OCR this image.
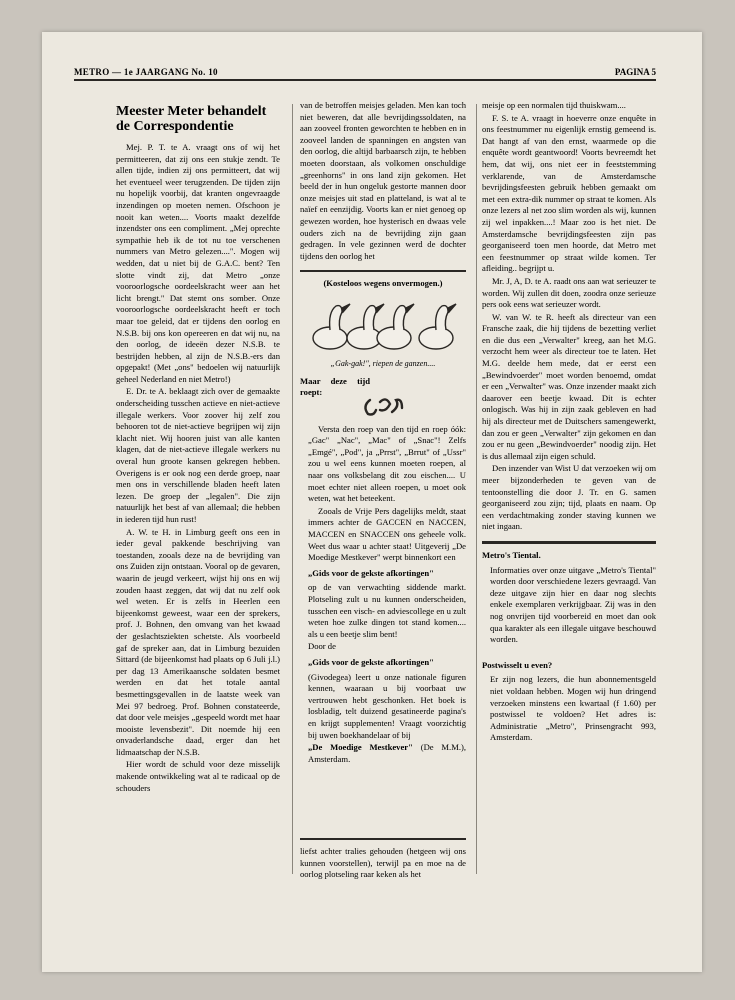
METRO — 1e JAARGANG No. 10	PAGINA 5
Meester Meter behandelt de Correspondentie

Mej. P. T. te A. vraagt ons of wij het permitteeren, dat zij ons een stukje zendt. Te allen tijde, indien zij ons permitteert, dat wij het eventueel weer terugzenden. De tijden zijn nu hopelijk voorbij, dat kranten ongevraagde inzendingen op moeten nemen. Ofschoon je nooit kan weten.... Voorts maakt dezelfde inzendster ons een compliment. „Mej oprechte sympathie heb ik de tot nu toe verschenen nummers van Metro gelezen....". Mogen wij wedden, dat u niet bij de G.A.C. bent? Ten slotte vindt zij, dat Metro „onze vooroorlogsche oordeelskracht weer aan het licht brengt." Dat stemt ons somber. Onze vooroorlogsche oordeelskracht heeft er toch maar toe geleid, dat er tijdens den oorlog en N.S.B. bij ons kon opereeren en dat wij nu, na den oorlog, de ideeën dezer N.S.B. te bestrijden hebben, al zijn de N.S.B.-ers dan opgepakt! (Met „ons" bedoelen wij natuurlijk geheel Nederland en niet Metro!)

E. Dr. te A. beklaagt zich over de gemaakte onderscheiding tusschen actieve en niet-actieve illegale werkers. Voor zoover hij zelf zou behooren tot de niet-actieve begrijpen wij zijn klacht niet. Wij hooren juist van alle kanten klagen, dat de niet-actieve illegale werkers nu overal hun groote kansen gekregen hebben. Overigens is er ook nog een derde groep, naar men ons in verschillende bladen heeft laten lezen. De groep der „legalen". Die zijn natuurlijk het best af van allemaal; die hebben in iederen tijd hun rust!

A. W. te H. in Limburg geeft ons een in ieder geval pakkende beschrijving van toestanden, zooals deze na de bevrijding van ons Zuiden zijn ontstaan. Vooral op de gevaren, waarin de jeugd verkeert, wijst hij ons en wij zouden haast zeggen, dat wij dat nu zelf ook wel weten. Er is zelfs in Heerlen een bijeenkomst geweest, waar een der sprekers, prof. J. Bohnen, den omvang van het kwaad der geslachtsziekten schetste. Als voorbeeld gaf de spreker aan, dat in Limburg bezuiden Sittard (de bijeenkomst had plaats op 6 Juli j.l.) per dag 13 Amerikaansche soldaten besmet werden en dat het totale aantal besmettingsgevallen in de laatste week van Mei 97 bedroeg. Prof. Bohnen constateerde, dat door vele meisjes „gespeeld wordt met haar mooiste levensbezit". Dit noemde hij een onvaderlandsche daad, erger dan het lidmaatschap der N.S.B.

Hier wordt de schuld voor deze misselijk makende ontwikkeling wat al te radicaal op de schouders

van de betroffen meisjes geladen. Men kan toch niet beweren, dat alle bevrijdingssoldaten, na aan zooveel fronten geworchten te hebben en in zooveel landen de spanningen en angsten van den oorlog, die altijd barbaarsch zijn, te hebben moeten doorstaan, als volkomen onschuldige „greenhorns" in ons land zijn gekomen. Het beeld der in hun ongeluk gestorte mannen door onze meisjes uit stad en platteland, is wat al te naïef en eenzijdig. Voorts kan er niet genoeg op gewezen worden, hoe hysterisch en dwaas vele ouders zich na de bevrijding zijn gaan gedragen. In vele gezinnen werd de dochter tijdens den oorlog het

(Kosteloos wegens onvermogen.)

„Gak-gak!", riepen de ganzen....

Maar deze tijd roept:

Versta den roep van den tijd en roep óók: „Gac" „Nac", „Mac" of „Snac"! Zelfs „Emgé", „Pod", ja „Prrst", „Brrut" of „Ussr" zou u wel eens kunnen moeten roepen, al naar ons volksbelang dit zou eischen.... U moet echter niet alleen roepen, u moet ook weten, wat het beteekent.

Zooals de Vrije Pers dagelijks meldt, staat immers achter de GACCEN en NACCEN, MACCEN en SNACCEN ons geheele volk. Weet dus waar u achter staat! Uitgeverij „De Moedige Mestkever" werpt binnenkort een

„Gids voor de gekste afkortingen"

op de van verwachting siddende markt. Plotseling zult u nu kunnen onderscheiden, tusschen een visch- en adviescollege en u zult weten hoe zulke dingen tot stand komen.... als u een beetje slim bent!

Door de

„Gids voor de gekste afkortingen"

(Givodegea) leert u onze nationale figuren kennen, waaraan u bij voorbaat uw vertrouwen hebt geschonken. Het boek is losbladig, telt duizend gesatineerde pagina's en krijgt supplementen! Vraagt voorzichtig bij uwen boekhandelaar of bij

„De Moedige Mestkever" (De M.M.), Amsterdam.

liefst achter tralies gehouden (hetgeen wij ons kunnen voorstellen), terwijl pa en moe na de oorlog plotseling raar keken als het

meisje op een normalen tijd thuiskwam....

F. S. te A. vraagt in hoeverre onze enquête in ons feestnummer nu eigenlijk ernstig gemeend is. Dat hangt af van den ernst, waarmede op die enquête wordt geantwoord! Voorts bevreemdt het hem, dat wij, ons niet eer in feeststemming verklarende, van de Amsterdamsche bevrijdingsfeesten gebruik hebben gemaakt om met een extra-dik nummer op straat te komen. Als onze lezers al net zoo slim worden als wij, kunnen zij wel inpakken....! Maar zoo is het niet. De Amsterdamsche bevrijdingsfeesten zijn pas georganiseerd toen men hoorde, dat Metro met een feestnummer op straat wilde komen. Ter afleiding.. begrijpt u.

Mr. J, A, D. te A. raadt ons aan wat serieuzer te worden. Wij zullen dit doen, zoodra onze serieuze pers ook eens wat serieuzer wordt.

W. van W. te R. heeft als directeur van een Fransche zaak, die hij tijdens de bezetting verliet en die dus een „Verwalter" kreeg, aan het M.G. verzocht hem weer als directeur toe te laten. Het M.G. deelde hem mede, dat er eerst een „Bewindvoerder" moet worden benoemd, omdat er een „Verwalter" was. Onze inzender maakt zich daarover een beetje kwaad. Dit is echter onlogisch. Was hij in zijn zaak gebleven en had hij als directeur met de Duitschers samengewerkt, dan zou er geen „Verwalter" zijn gekomen en dan zou er nu geen „Bewindvoerder" noodig zijn. Het is dus allemaal zijn eigen schuld.

Den inzender van Wist U dat verzoeken wij om meer bijzonderheden te geven van de tentoonstelling die door J. Tr. en G. samen georganiseerd zou zijn; tijd, plaats en naam. Op een verdachtmaking zonder staving kunnen we niet ingaan.

Metro's Tiental.

Informaties over onze uitgave „Metro's Tiental" worden door verschiedene lezers gevraagd. Van deze uitgave zijn hier en daar nog slechts enkele exemplaren verkrijgbaar. Zij was in den nog onvrijen tijd voorbereid en moet dan ook qua karakter als een illegale uitgave beschouwd worden.

Postwisselt u even?

Er zijn nog lezers, die hun abonnementsgeld niet voldaan hebben. Mogen wij hun dringend verzoeken minstens een kwartaal (f 1.60) per postwissel te voldoen? Het adres is: Administratie „Metro", Prinsengracht 993, Amsterdam.
